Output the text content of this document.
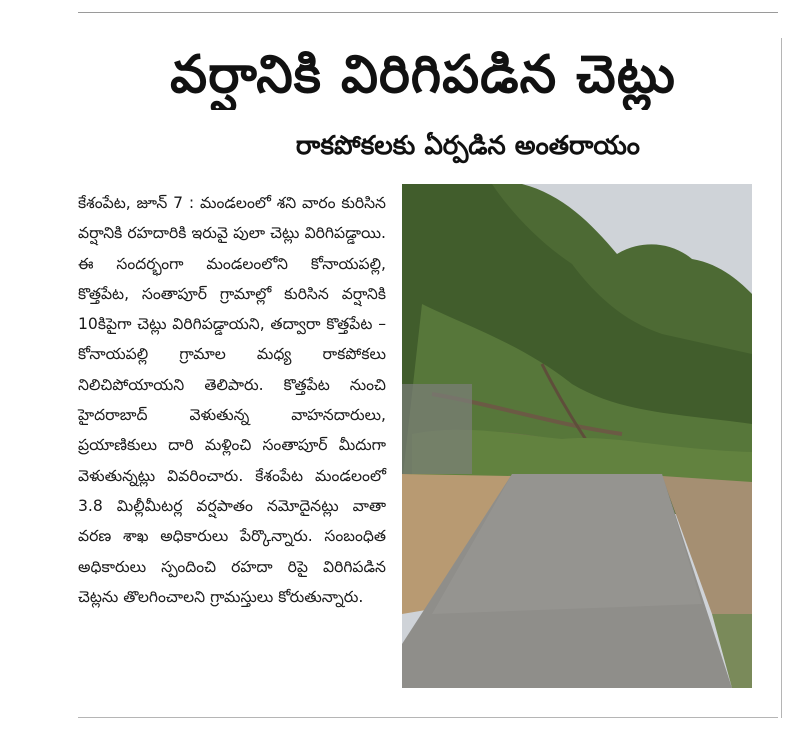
వర్షానికి విరిగిపడిన చెట్లు
రాకపోకలకు ఏర్పడిన అంతరాయం
కేశంపేట, జూన్ 7 : మండలంలో శని వారం కురిసిన వర్షానికి రహదారికి ఇరువై పులా చెట్లు విరిగిపడ్డాయి. ఈ సందర్భంగా మండలంలోని కోనాయపల్లి, కొత్తపేట, సంతాపూర్ గ్రామాల్లో కురిసిన వర్షానికి 10కిపైగా చెట్లు విరిగిపడ్డాయని, తద్వారా కొత్తపేట – కోనాయపల్లి గ్రామాల మధ్య రాకపోకలు నిలిచిపోయాయని తెలిపారు. కొత్తపేట నుంచి హైదరాబాద్ వెళుతున్న వాహనదారులు, ప్రయాణికులు దారి మళ్లించి సంతాపూర్ మీదుగా వెళుతున్నట్లు వివరించారు. కేశంపేట మండలంలో 3.8 మిల్లీమీటర్ల వర్షపాతం నమోదైనట్లు వాతా వరణ శాఖ అధికారులు పేర్కొన్నారు. సంబంధిత అధికారులు స్పందించి రహదా రిపై విరిగిపడిన చెట్లను తొలగించాలని గ్రామస్తులు కోరుతున్నారు.
